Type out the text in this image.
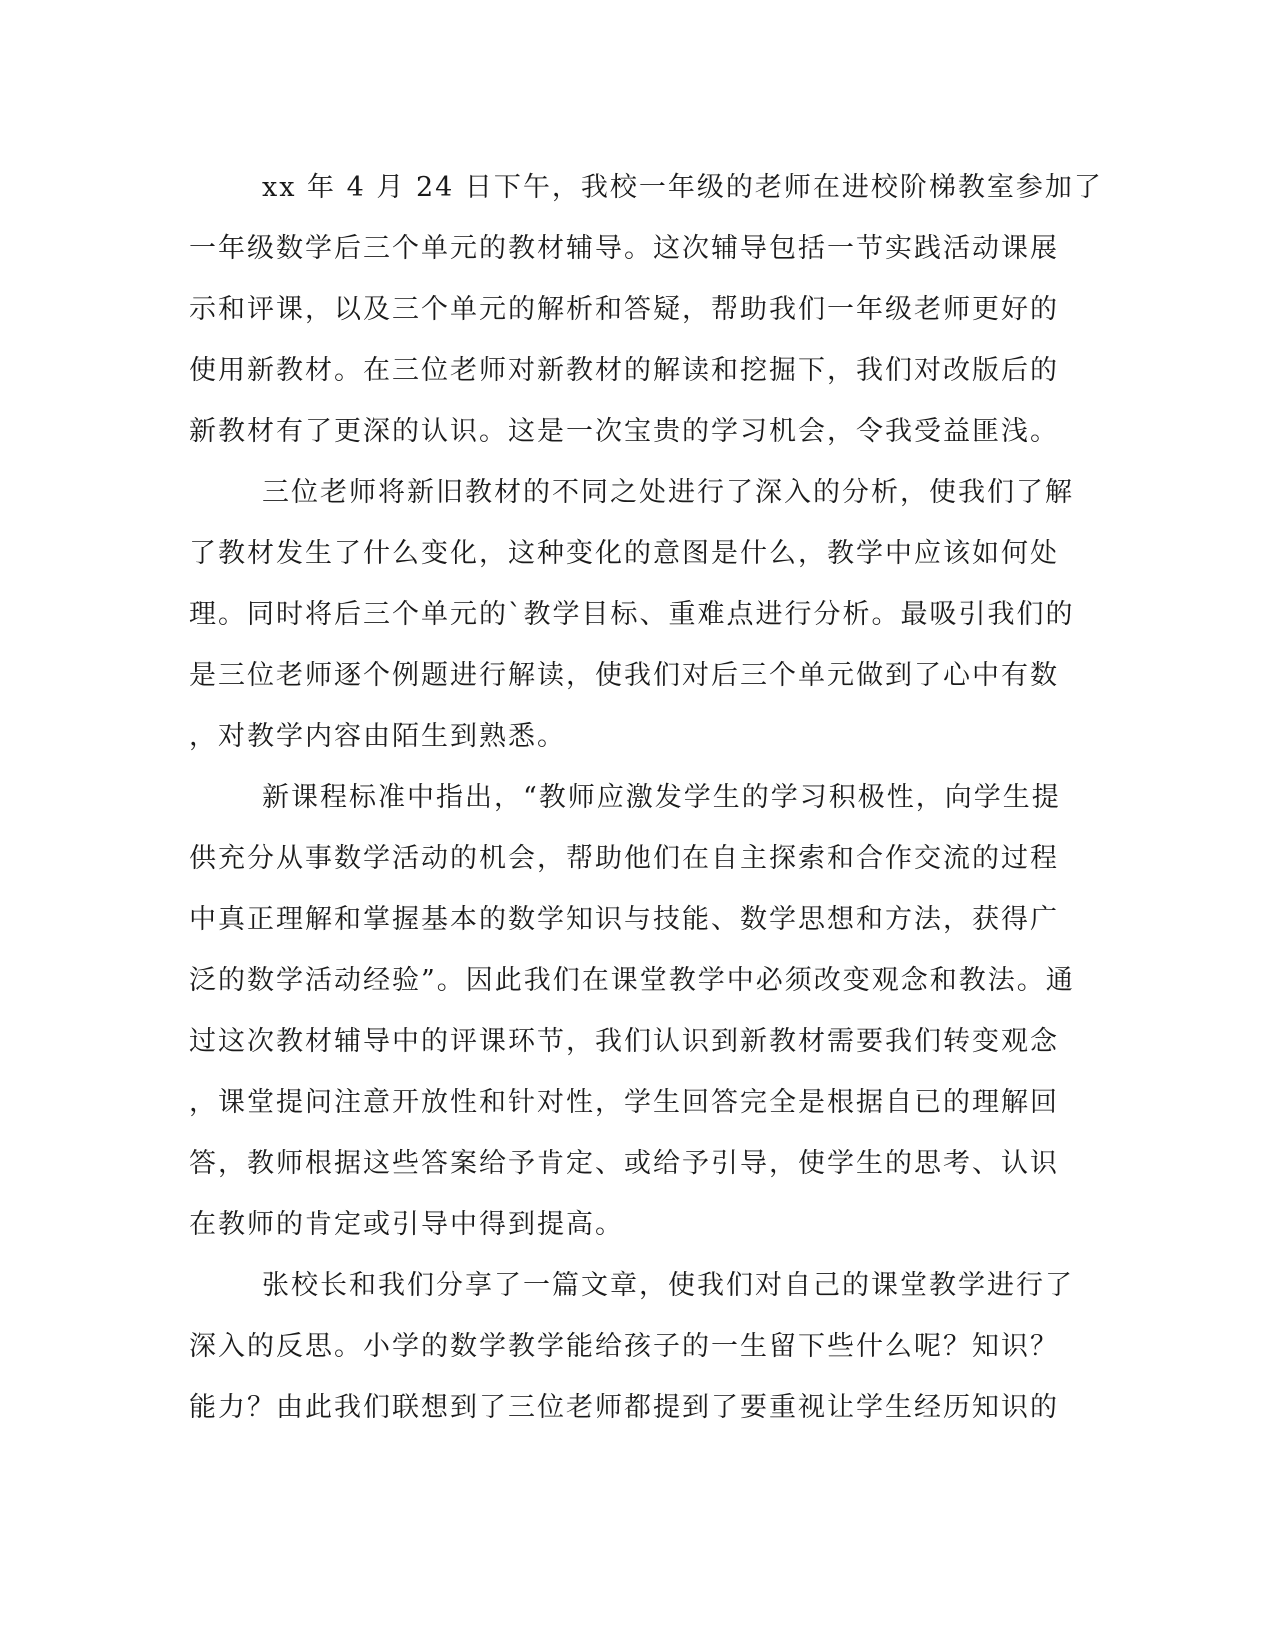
xx 年 4 月 24 日下午，我校一年级的老师在进校阶梯教室参加了
一年级数学后三个单元的教材辅导。这次辅导包括一节实践活动课展
示和评课，以及三个单元的解析和答疑，帮助我们一年级老师更好的
使用新教材。在三位老师对新教材的解读和挖掘下，我们对改版后的
新教材有了更深的认识。这是一次宝贵的学习机会，令我受益匪浅。
三位老师将新旧教材的不同之处进行了深入的分析，使我们了解
了教材发生了什么变化，这种变化的意图是什么，教学中应该如何处
理。同时将后三个单元的`教学目标、重难点进行分析。最吸引我们的
是三位老师逐个例题进行解读，使我们对后三个单元做到了心中有数
，对教学内容由陌生到熟悉。
新课程标准中指出，“教师应激发学生的学习积极性，向学生提
供充分从事数学活动的机会，帮助他们在自主探索和合作交流的过程
中真正理解和掌握基本的数学知识与技能、数学思想和方法，获得广
泛的数学活动经验”。因此我们在课堂教学中必须改变观念和教法。通
过这次教材辅导中的评课环节，我们认识到新教材需要我们转变观念
，课堂提问注意开放性和针对性，学生回答完全是根据自已的理解回
答，教师根据这些答案给予肯定、或给予引导，使学生的思考、认识
在教师的肯定或引导中得到提高。
张校长和我们分享了一篇文章，使我们对自己的课堂教学进行了
深入的反思。小学的数学教学能给孩子的一生留下些什么呢？知识？
能力？由此我们联想到了三位老师都提到了要重视让学生经历知识的
